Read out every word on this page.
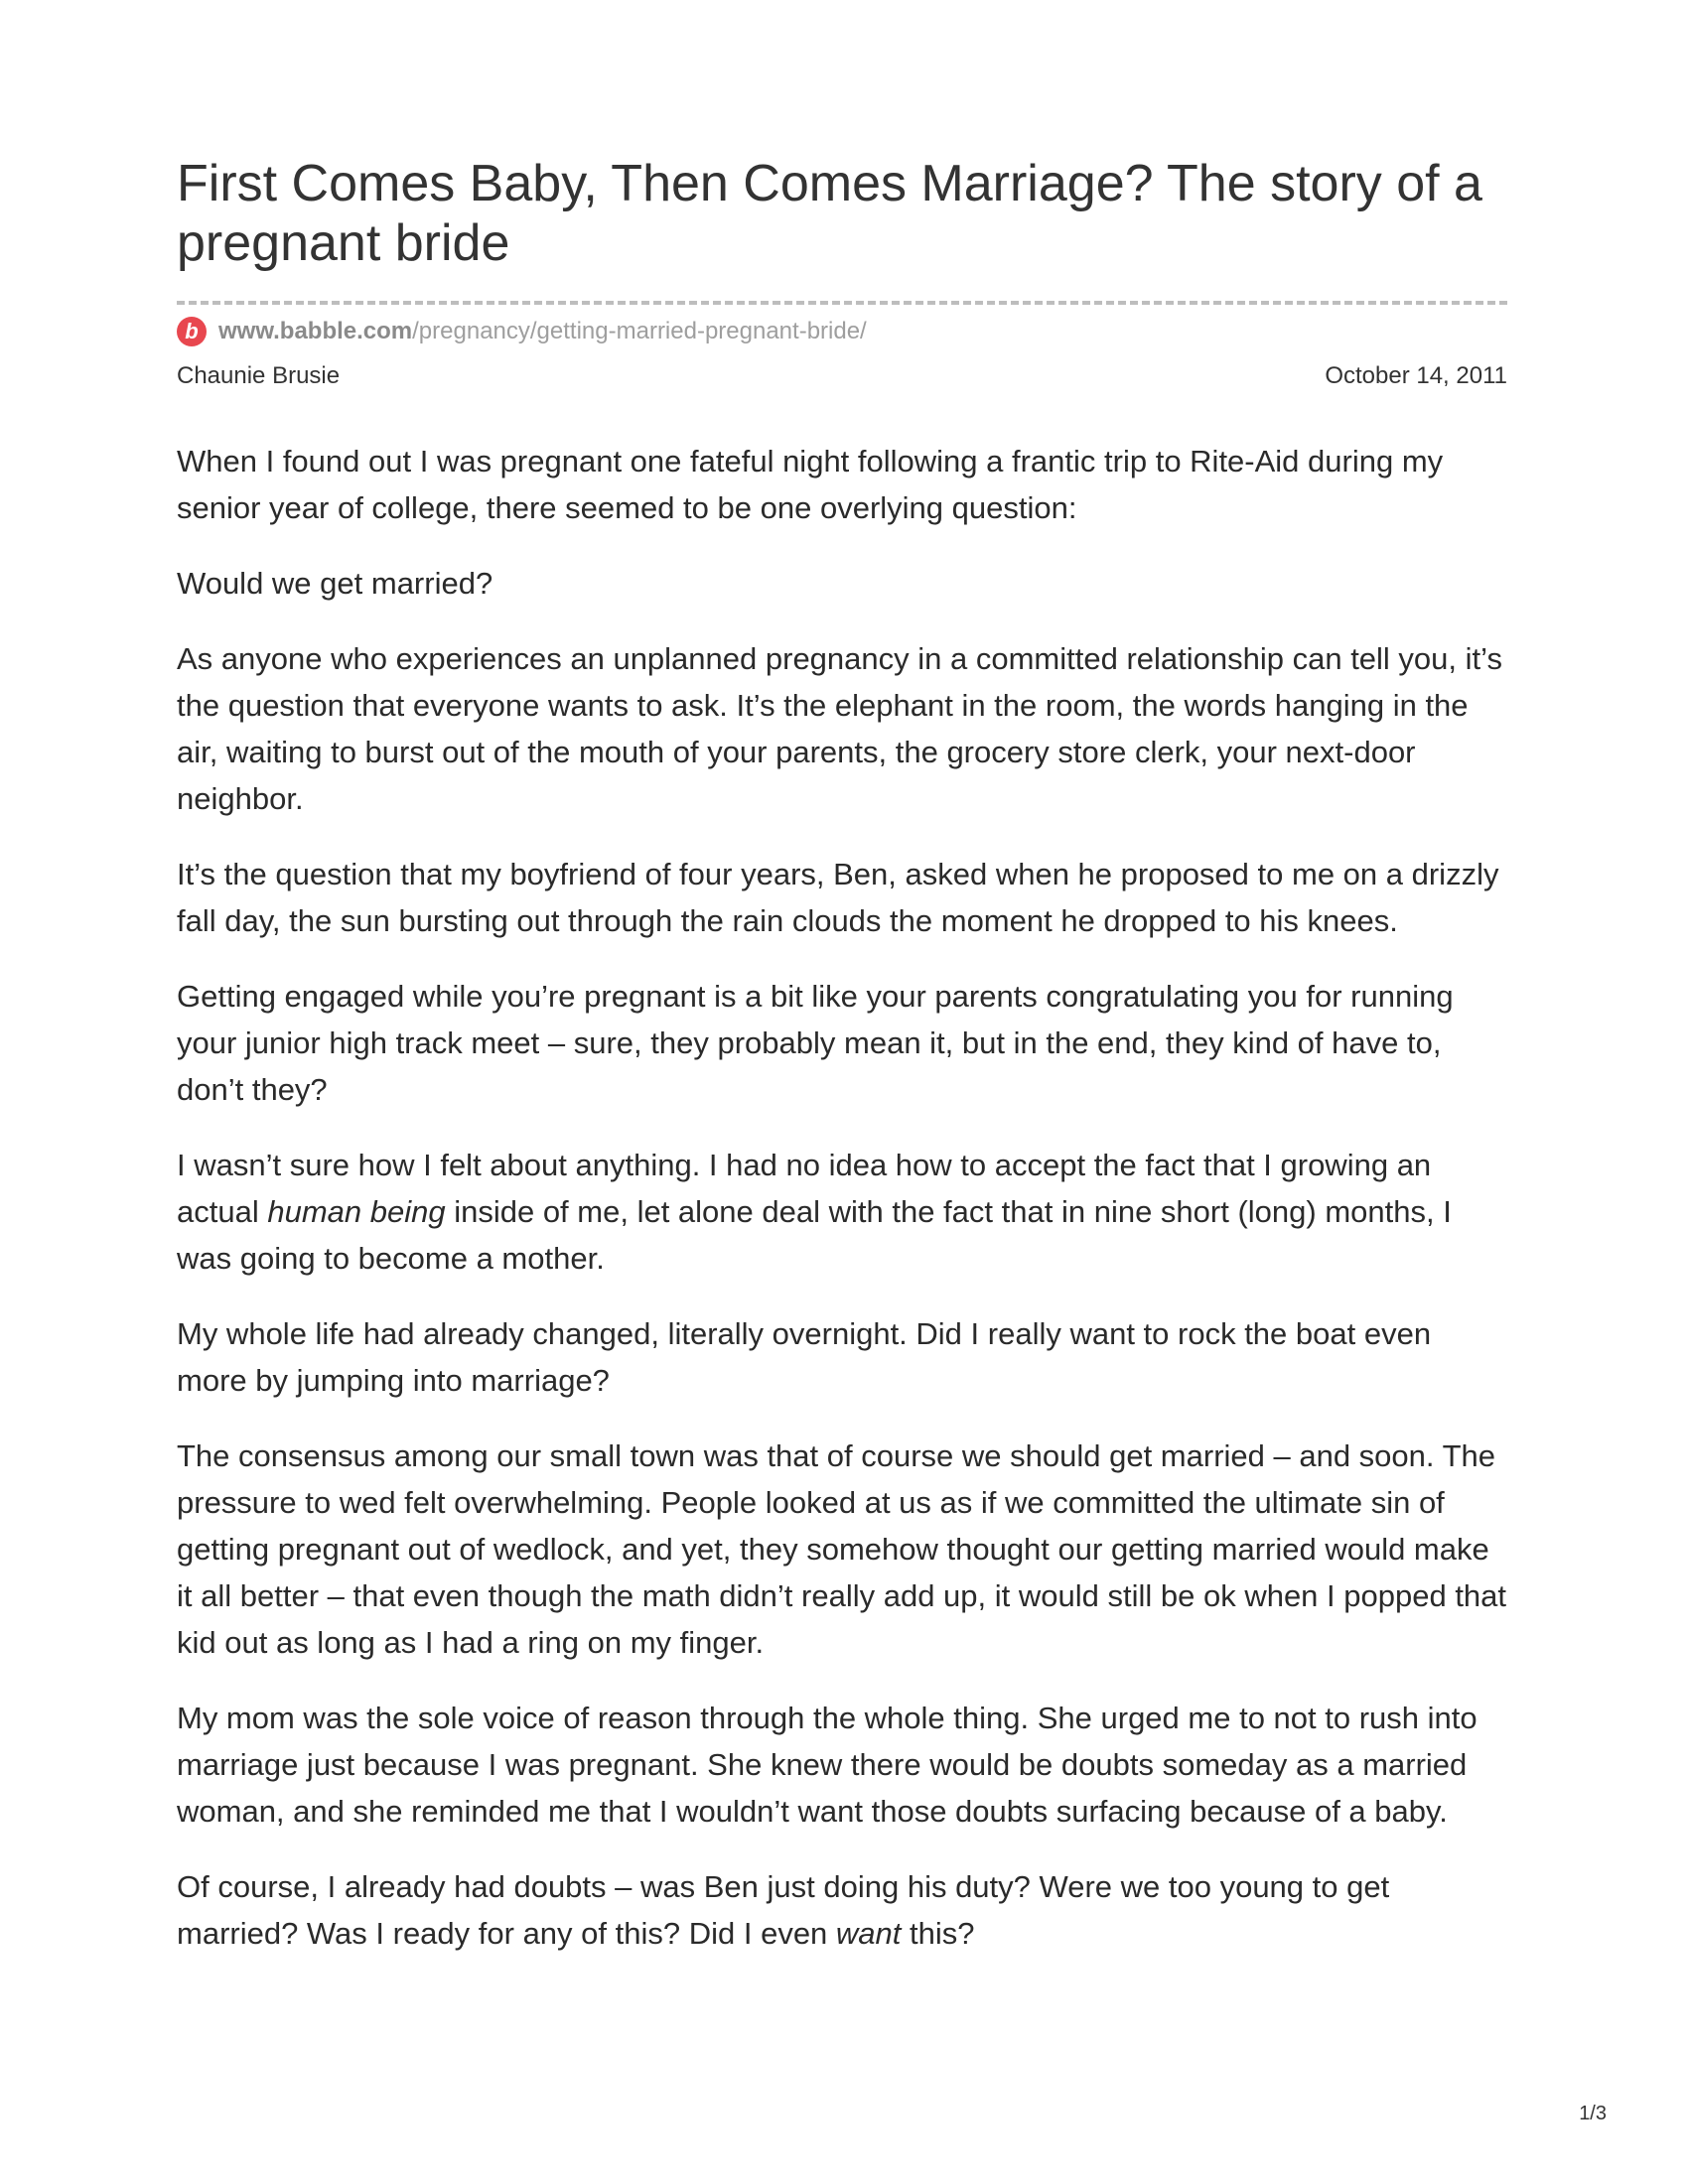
First Comes Baby, Then Comes Marriage? The story of a pregnant bride
b www.babble.com/pregnancy/getting-married-pregnant-bride/
Chaunie Brusie	October 14, 2011

When I found out I was pregnant one fateful night following a frantic trip to Rite-Aid during my senior year of college, there seemed to be one overlying question:

Would we get married?

As anyone who experiences an unplanned pregnancy in a committed relationship can tell you, it’s the question that everyone wants to ask. It’s the elephant in the room, the words hanging in the air, waiting to burst out of the mouth of your parents, the grocery store clerk, your next-door neighbor.

It’s the question that my boyfriend of four years, Ben, asked when he proposed to me on a drizzly fall day, the sun bursting out through the rain clouds the moment he dropped to his knees.

Getting engaged while you’re pregnant is a bit like your parents congratulating you for running your junior high track meet – sure, they probably mean it, but in the end, they kind of have to, don’t they?

I wasn’t sure how I felt about anything. I had no idea how to accept the fact that I growing an actual human being inside of me, let alone deal with the fact that in nine short (long) months, I was going to become a mother.

My whole life had already changed, literally overnight. Did I really want to rock the boat even more by jumping into marriage?

The consensus among our small town was that of course we should get married – and soon. The pressure to wed felt overwhelming. People looked at us as if we committed the ultimate sin of getting pregnant out of wedlock, and yet, they somehow thought our getting married would make it all better – that even though the math didn’t really add up, it would still be ok when I popped that kid out as long as I had a ring on my finger.

My mom was the sole voice of reason through the whole thing. She urged me to not to rush into marriage just because I was pregnant. She knew there would be doubts someday as a married woman, and she reminded me that I wouldn’t want those doubts surfacing because of a baby.

Of course, I already had doubts – was Ben just doing his duty? Were we too young to get married? Was I ready for any of this? Did I even want this?

1/3
